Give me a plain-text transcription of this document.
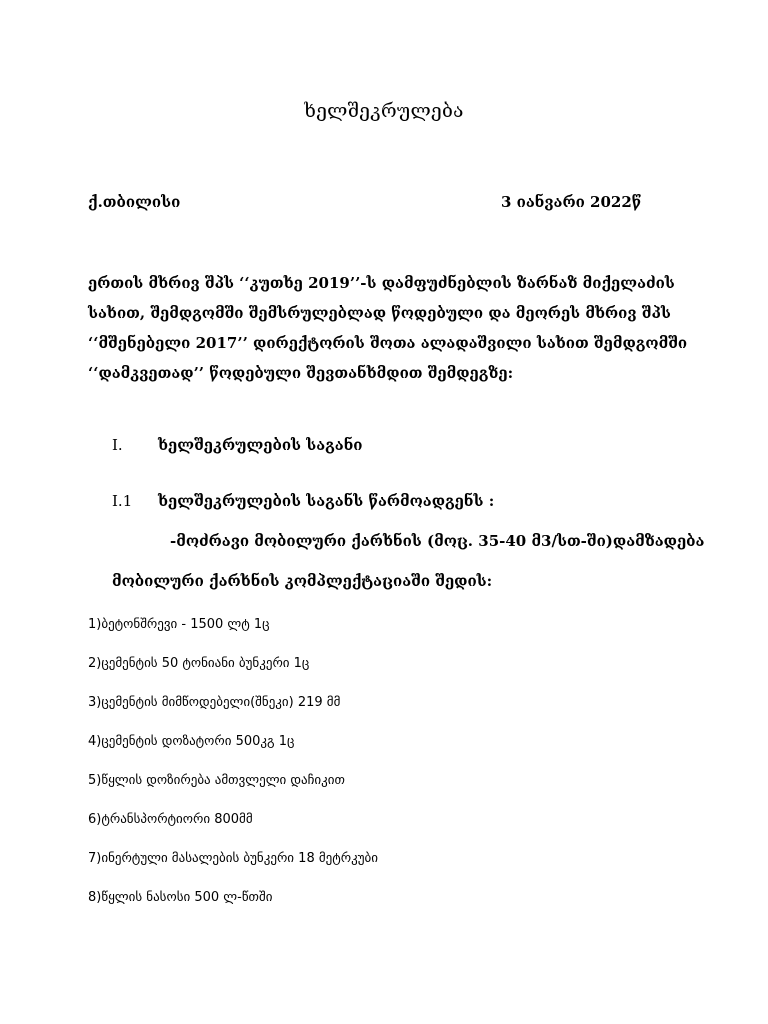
ხელშეკრულება
ქ.თბილისი	3 იანვარი 2022წ
ერთის მხრივ შპს ‘‘კუთხე 2019’’-ს დამფუძნებლის ზარნაზ მიქელაძის
სახით, შემდგომში შემსრულებლად წოდებული და მეორეს მხრივ შპს
‘‘მშენებელი 2017’’ დირექტორის შოთა ალადაშვილი სახით შემდგომში
‘‘დამკვეთად’’ წოდებული შევთანხმდით შემდეგზე:
I. ხელშეკრულების საგანი
I.1 ხელშეკრულების საგანს წარმოადგენს :
-მოძრავი მობილური ქარხნის (მოც. 35-40 მ3/სთ-ში)დამზადება
მობილური ქარხნის კომპლექტაციაში შედის:
1)ბეტონშრევი - 1500 ლტ 1ც
2)ცემენტის 50 ტონიანი ბუნკერი 1ც
3)ცემენტის მიმწოდებელი(შნეკი) 219 მმ
4)ცემენტის დოზატორი 500კგ 1ც
5)წყლის დოზირება ამთვლელი დაჩიკით
6)ტრანსპორტიორი 800მმ
7)ინერტული მასალების ბუნკერი 18 მეტრკუბი
8)წყლის ნასოსი 500 ლ-წთში
